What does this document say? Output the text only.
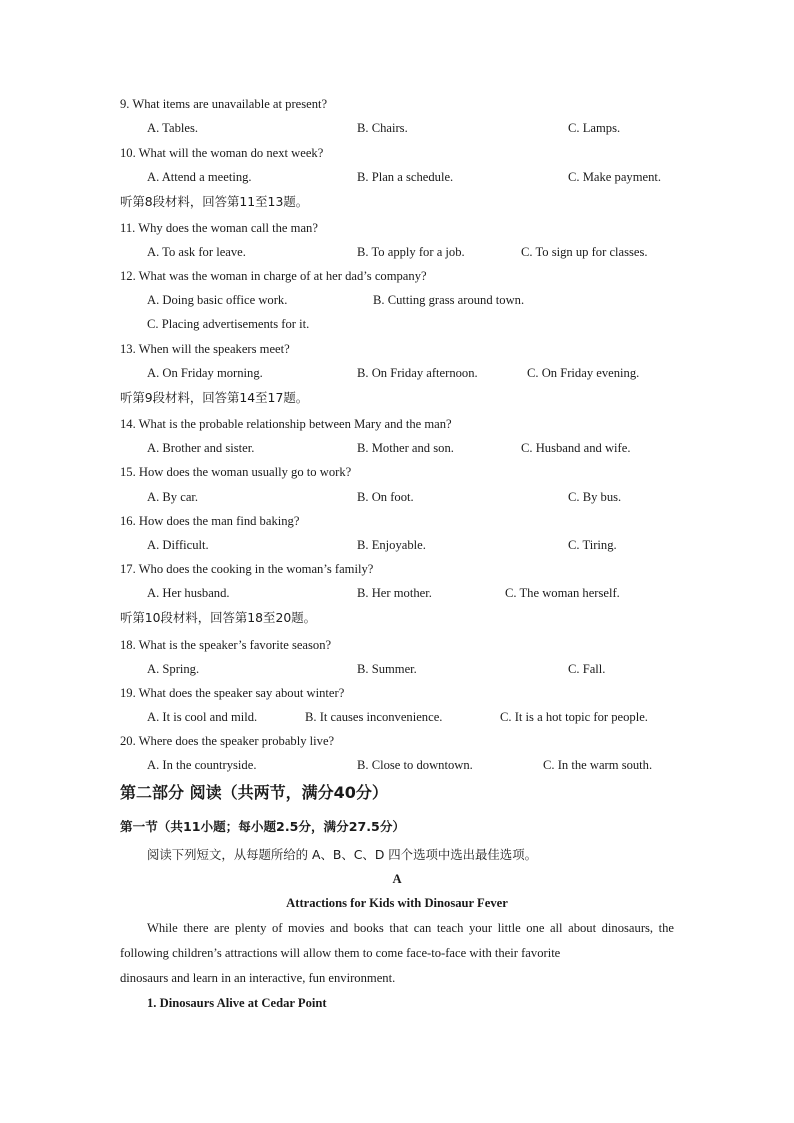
9. What items are unavailable at present?
A. Tables.	B. Chairs.	C. Lamps.
10. What will the woman do next week?
A. Attend a meeting.	B. Plan a schedule.	C. Make payment.
听第8段材料，回答第11至13题。
11. Why does the woman call the man?
A. To ask for leave.	B. To apply for a job.	C. To sign up for classes.
12. What was the woman in charge of at her dad’s company?
A. Doing basic office work.	B. Cutting grass around town.
C. Placing advertisements for it.
13. When will the speakers meet?
A. On Friday morning.	B. On Friday afternoon.	C. On Friday evening.
听第9段材料，回答第14至17题。
14. What is the probable relationship between Mary and the man?
A. Brother and sister.	B. Mother and son.	C. Husband and wife.
15. How does the woman usually go to work?
A. By car.	B. On foot.	C. By bus.
16. How does the man find baking?
A. Difficult.	B. Enjoyable.	C. Tiring.
17. Who does the cooking in the woman’s family?
A. Her husband.	B. Her mother.	C. The woman herself.
听第10段材料，回答第18至20题。
18. What is the speaker’s favorite season?
A. Spring.	B. Summer.	C. Fall.
19. What does the speaker say about winter?
A. It is cool and mild.	B. It causes inconvenience.	C. It is a hot topic for people.
20. Where does the speaker probably live?
A. In the countryside.	B. Close to downtown.	C. In the warm south.
第二部分 阅读（共两节，满分40分）
第一节（共11小题；每小题2.5分，满分27.5分）
阅读下列短文，从每题所给的 A、B、C、D 四个选项中选出最佳选项。
A
Attractions for Kids with Dinosaur Fever

While there are plenty of movies and books that can teach your little one all about dinosaurs, the following children’s attractions will allow them to come face-to-face with their favorite

dinosaurs and learn in an interactive, fun environment.

1. Dinosaurs Alive at Cedar Point
